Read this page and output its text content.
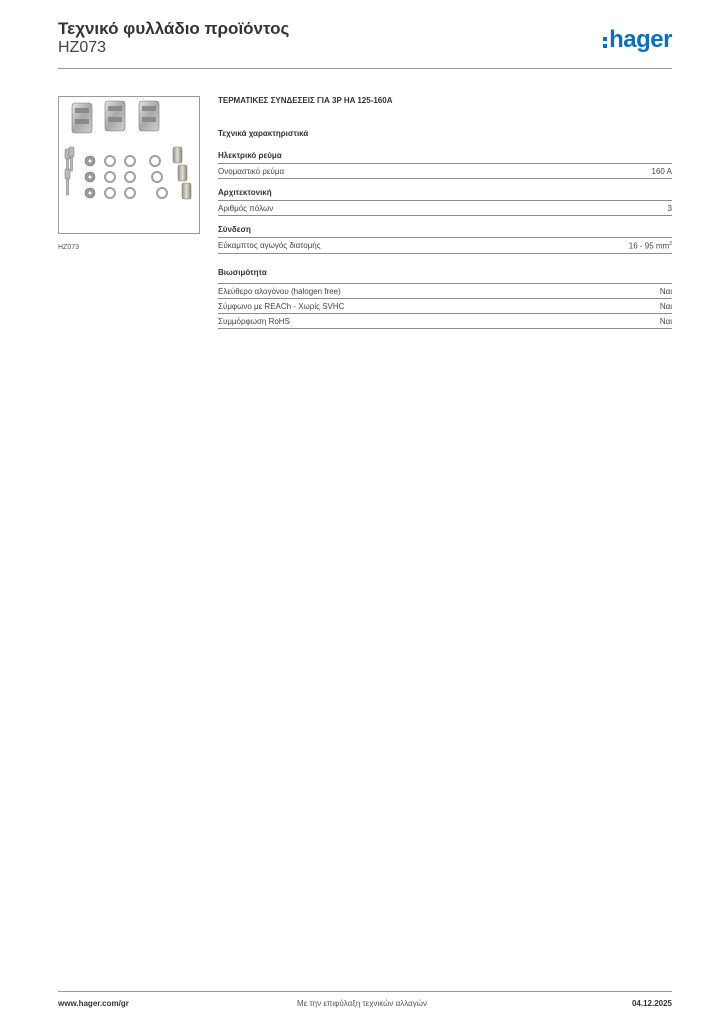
Τεχνικό φυλλάδιο προϊόντος
HZ073	hager
HZ073
ΤΕΡΜΑΤΙΚΕΣ ΣΥΝΔΕΣΕΙΣ ΓΙΑ 3P HA 125-160A
Τεχνικά χαρακτηριστικά
Ηλεκτρικό ρεύμα
Ονομαστικό ρεύμα	160 A
Αρχιτεκτονική
Αριθμός πόλων	3
Σύνδεση
Εύκαμπτος αγωγός διατομής	16 - 95 $mm^2$
Βιωσιμότητα
Ελεύθερο αλογόνου (halogen free)	Ναι
Σύμφωνο με REACh - Χωρίς SVHC	Ναι
Συμμόρφωση RoHS	Ναι
www.hager.com/gr	Με την επιφύλαξη τεχνικών αλλαγών	04.12.2025
